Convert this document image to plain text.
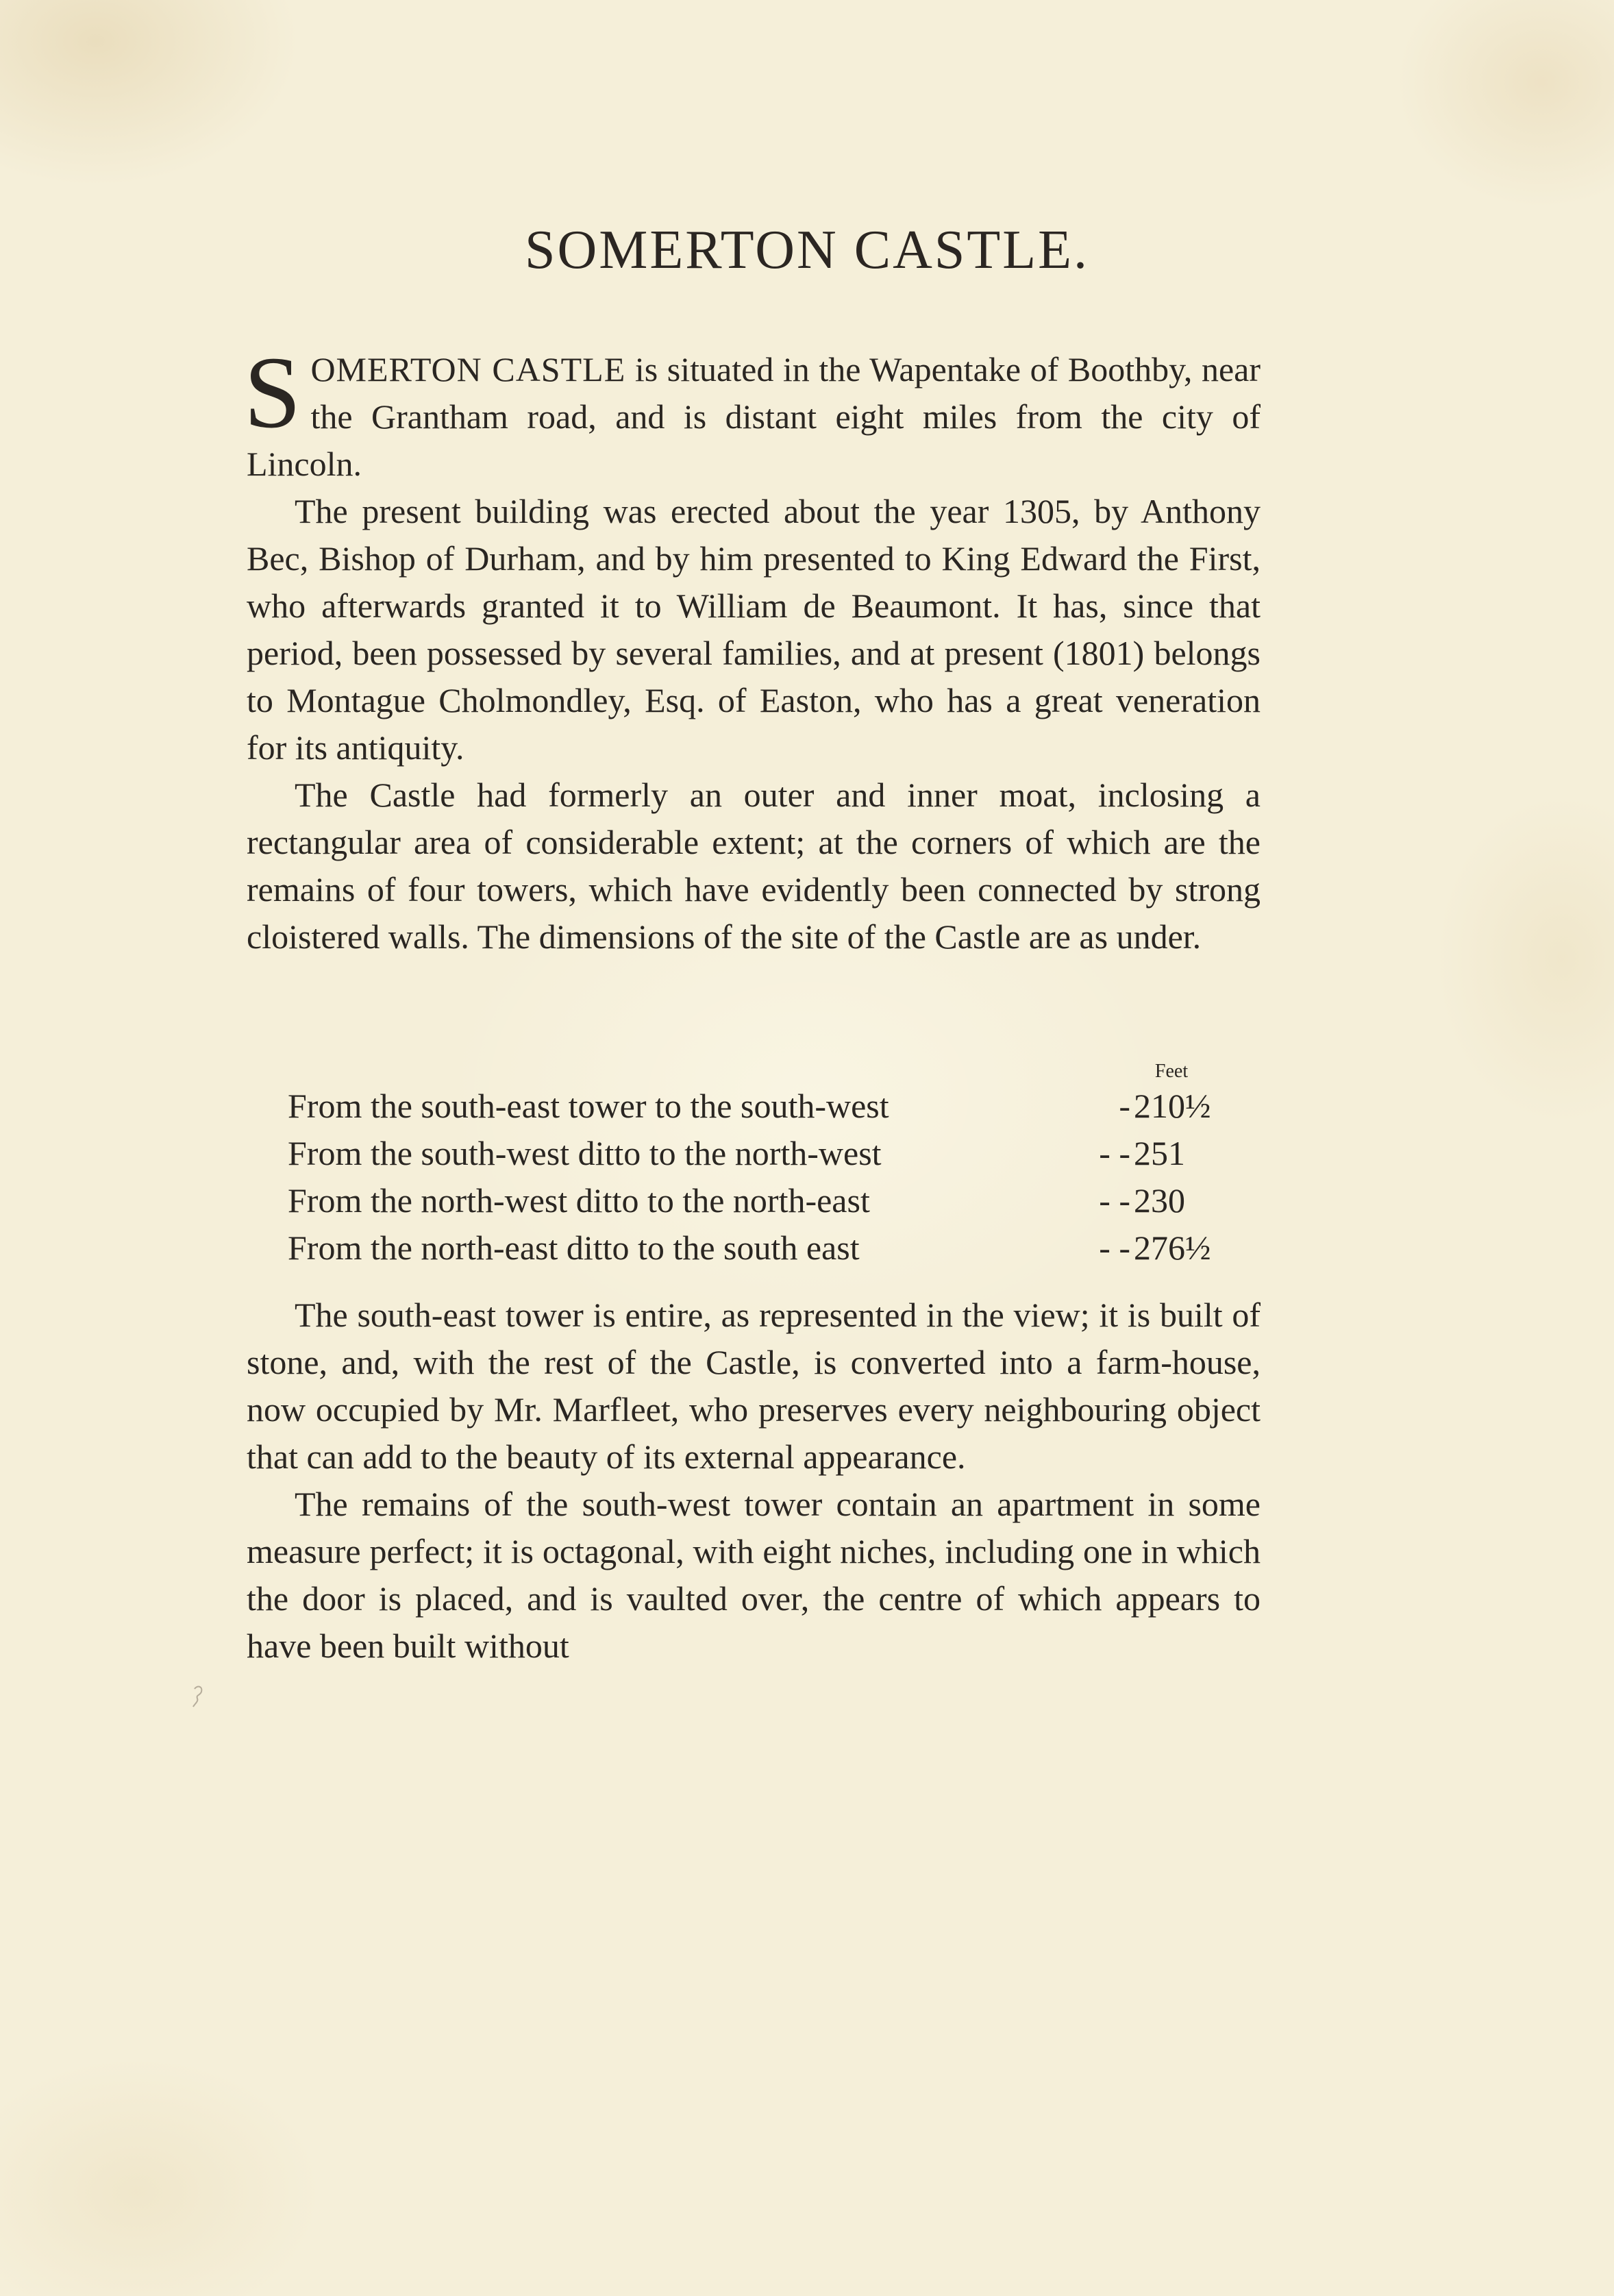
SOMERTON CASTLE.

SOMERTON CASTLE is situated in the Wapentake of Boothby, near the Grantham road, and is distant eight miles from the city of Lincoln.

The present building was erected about the year 1305, by Anthony Bec, Bishop of Durham, and by him presented to King Edward the First, who afterwards granted it to William de Beaumont. It has, since that period, been possessed by several families, and at present (1801) belongs to Montague Cholmondley, Esq. of Easton, who has a great veneration for its antiquity.

The Castle had formerly an outer and inner moat, inclosing a rectangular area of considerable extent; at the corners of which are the remains of four towers, which have evidently been connected by strong cloistered walls. The dimensions of the site of the Castle are as under.

Feet
From the south-east tower to the south-west	- 210½
From the south-west ditto to the north-west	- - 251
From the north-west ditto to the north-east	- - 230
From the north-east ditto to the south east	- - 276½

The south-east tower is entire, as represented in the view; it is built of stone, and, with the rest of the Castle, is converted into a farm-house, now occupied by Mr. Marfleet, who preserves every neighbouring object that can add to the beauty of its external appearance.

The remains of the south-west tower contain an apartment in some measure perfect; it is octagonal, with eight niches, including one in which the door is placed, and is vaulted over, the centre of which appears to have been built without
